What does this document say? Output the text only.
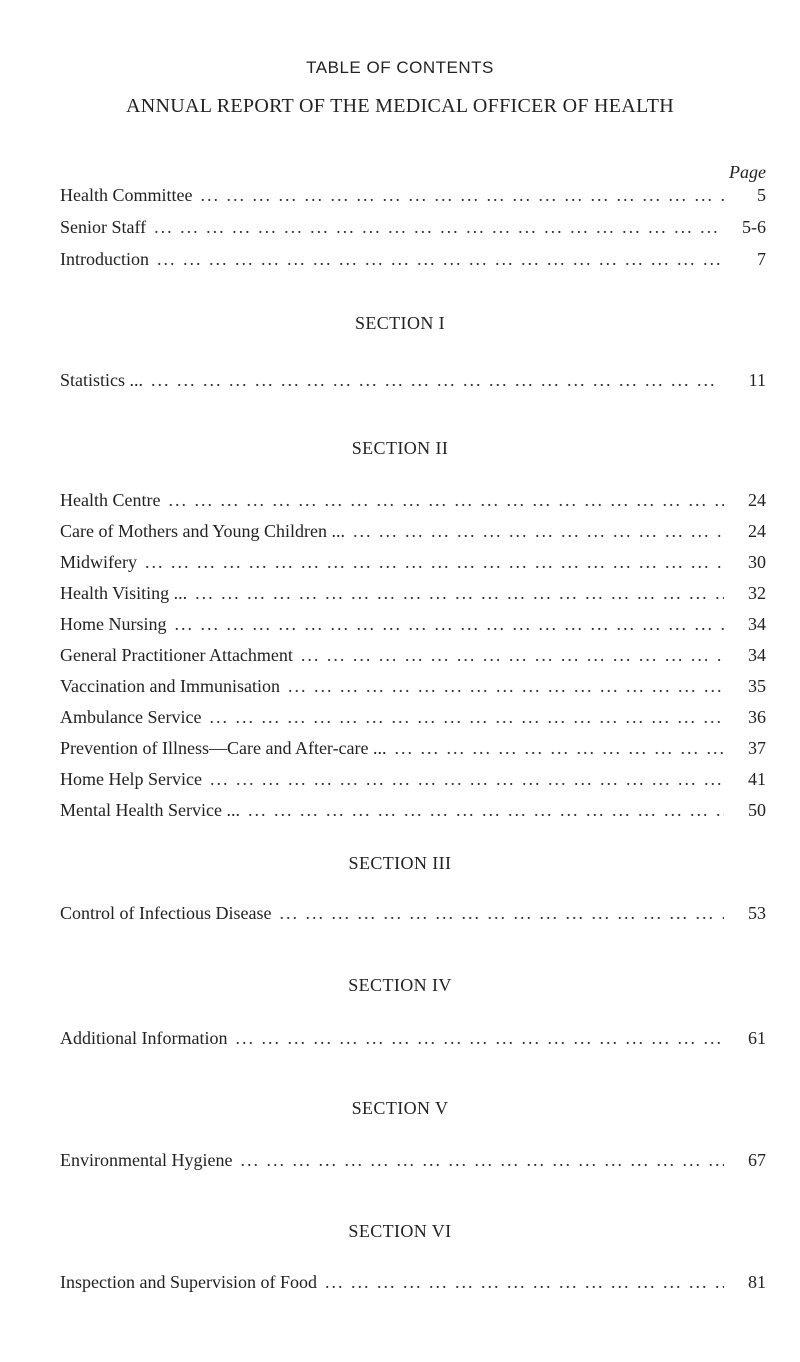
TABLE OF CONTENTS
ANNUAL REPORT OF THE MEDICAL OFFICER OF HEALTH
Page
Health Committee ... .	5
Senior Staff ... .	5-6
Introduction ... .	7
SECTION I
Statistics ... ... .	11
SECTION II
Health Centre ... .	24
Care of Mothers and Young Children ... ... .	24
Midwifery ... .	30
Health Visiting ... ... .	32
Home Nursing ... .	34
General Practitioner Attachment ... .	34
Vaccination and Immunisation ... .	35
Ambulance Service ... .	36
Prevention of Illness—Care and After-care ... ... .	37
Home Help Service ... .	41
Mental Health Service ... ... .	50
SECTION III
Control of Infectious Disease ... .	53
SECTION IV
Additional Information ... .	61
SECTION V
Environmental Hygiene ... .	67
SECTION VI
Inspection and Supervision of Food ... .	81
